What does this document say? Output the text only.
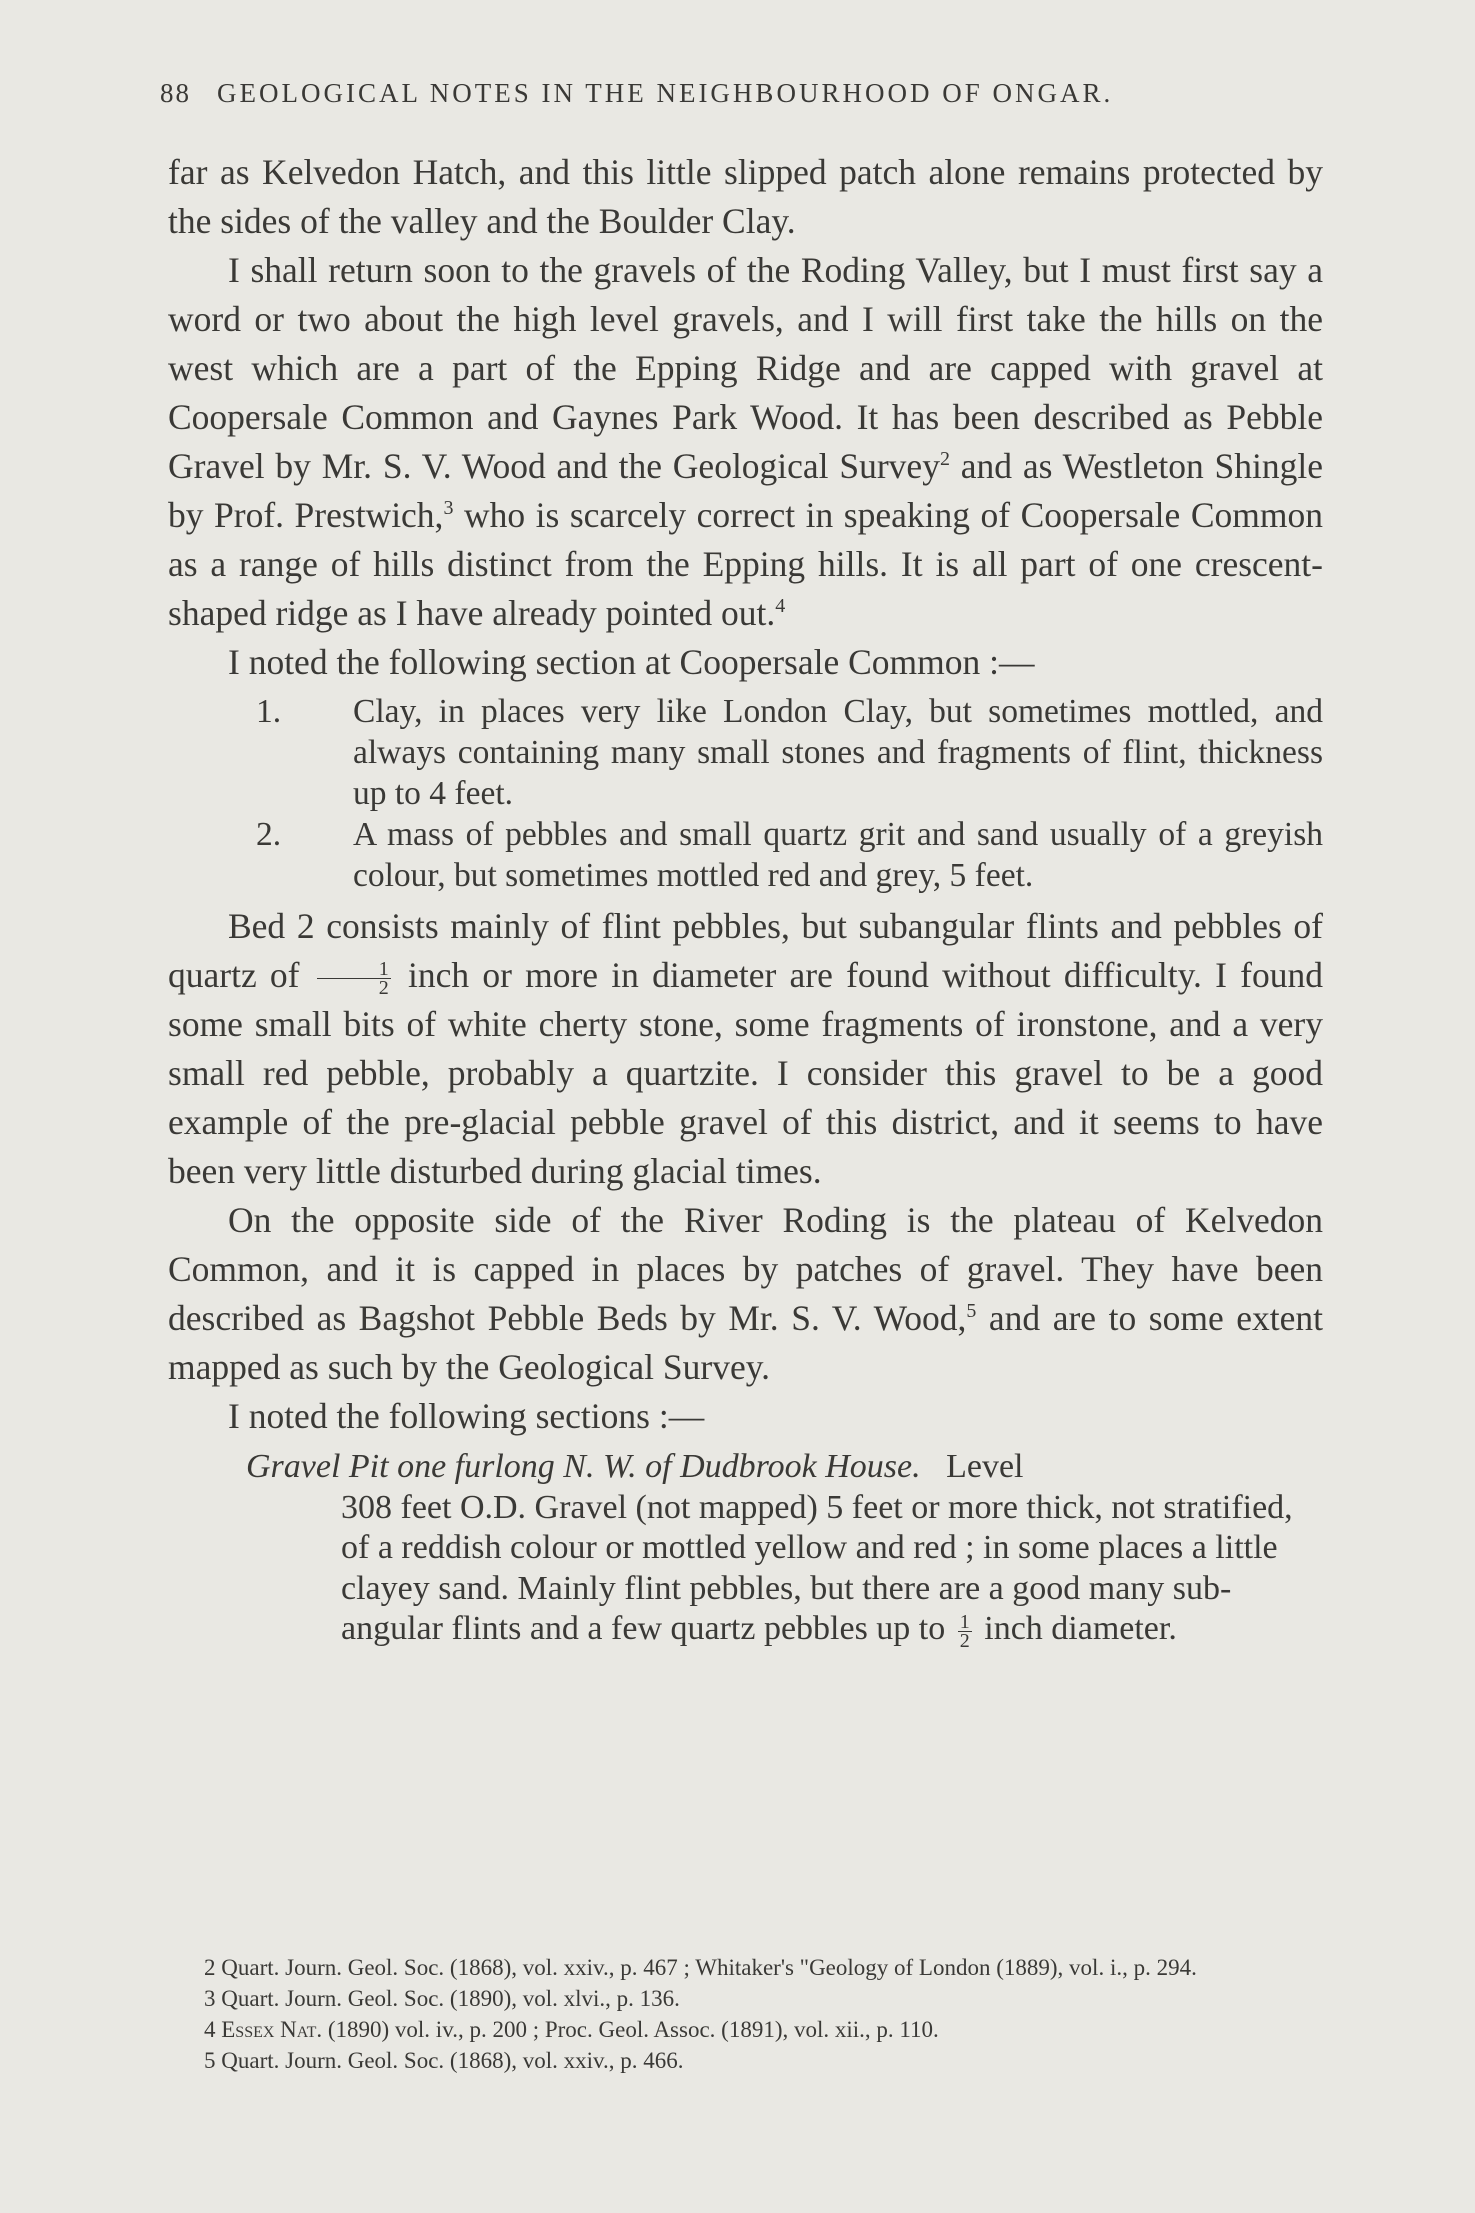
88 GEOLOGICAL NOTES IN THE NEIGHBOURHOOD OF ONGAR.

far as Kelvedon Hatch, and this little slipped patch alone remains protected by the sides of the valley and the Boulder Clay.

I shall return soon to the gravels of the Roding Valley, but I must first say a word or two about the high level gravels, and I will first take the hills on the west which are a part of the Epping Ridge and are capped with gravel at Coopersale Common and Gaynes Park Wood. It has been described as Pebble Gravel by Mr. S. V. Wood and the Geological Survey$^2$ and as Westleton Shingle by Prof. Prestwich,$^3$ who is scarcely correct in speaking of Coopersale Common as a range of hills distinct from the Epping hills. It is all part of one crescent-shaped ridge as I have already pointed out.$^4$

I noted the following section at Coopersale Common :—

1. Clay, in places very like London Clay, but sometimes mottled, and always containing many small stones and fragments of flint, thickness up to 4 feet.
2. A mass of pebbles and small quartz grit and sand usually of a greyish colour, but sometimes mottled red and grey, 5 feet.

Bed 2 consists mainly of flint pebbles, but subangular flints and pebbles of quartz of $\frac{1}{2}$ inch or more in diameter are found without difficulty. I found some small bits of white cherty stone, some fragments of ironstone, and a very small red pebble, probably a quartzite. I consider this gravel to be a good example of the pre-glacial pebble gravel of this district, and it seems to have been very little disturbed during glacial times.

On the opposite side of the River Roding is the plateau of Kelvedon Common, and it is capped in places by patches of gravel. They have been described as Bagshot Pebble Beds by Mr. S. V. Wood,$^5$ and are to some extent mapped as such by the Geological Survey.

I noted the following sections :—

Gravel Pit one furlong N. W. of Dudbrook House. Level
308 feet O.D. Gravel (not mapped) 5 feet or more thick, not stratified, of a reddish colour or mottled yellow and red ; in some places a little clayey sand. Mainly flint pebbles, but there are a good many sub-angular flints and a few quartz pebbles up to $\frac{1}{2}$ inch diameter.

2 Quart. Journ. Geol. Soc. (1868), vol. xxiv., p. 467 ; Whitaker's "Geology of London (1889), vol. i., p. 294.

3 Quart. Journ. Geol. Soc. (1890), vol. xlvi., p. 136.

4 Essex Nat. (1890) vol. iv., p. 200 ; Proc. Geol. Assoc. (1891), vol. xii., p. 110.

5 Quart. Journ. Geol. Soc. (1868), vol. xxiv., p. 466.
